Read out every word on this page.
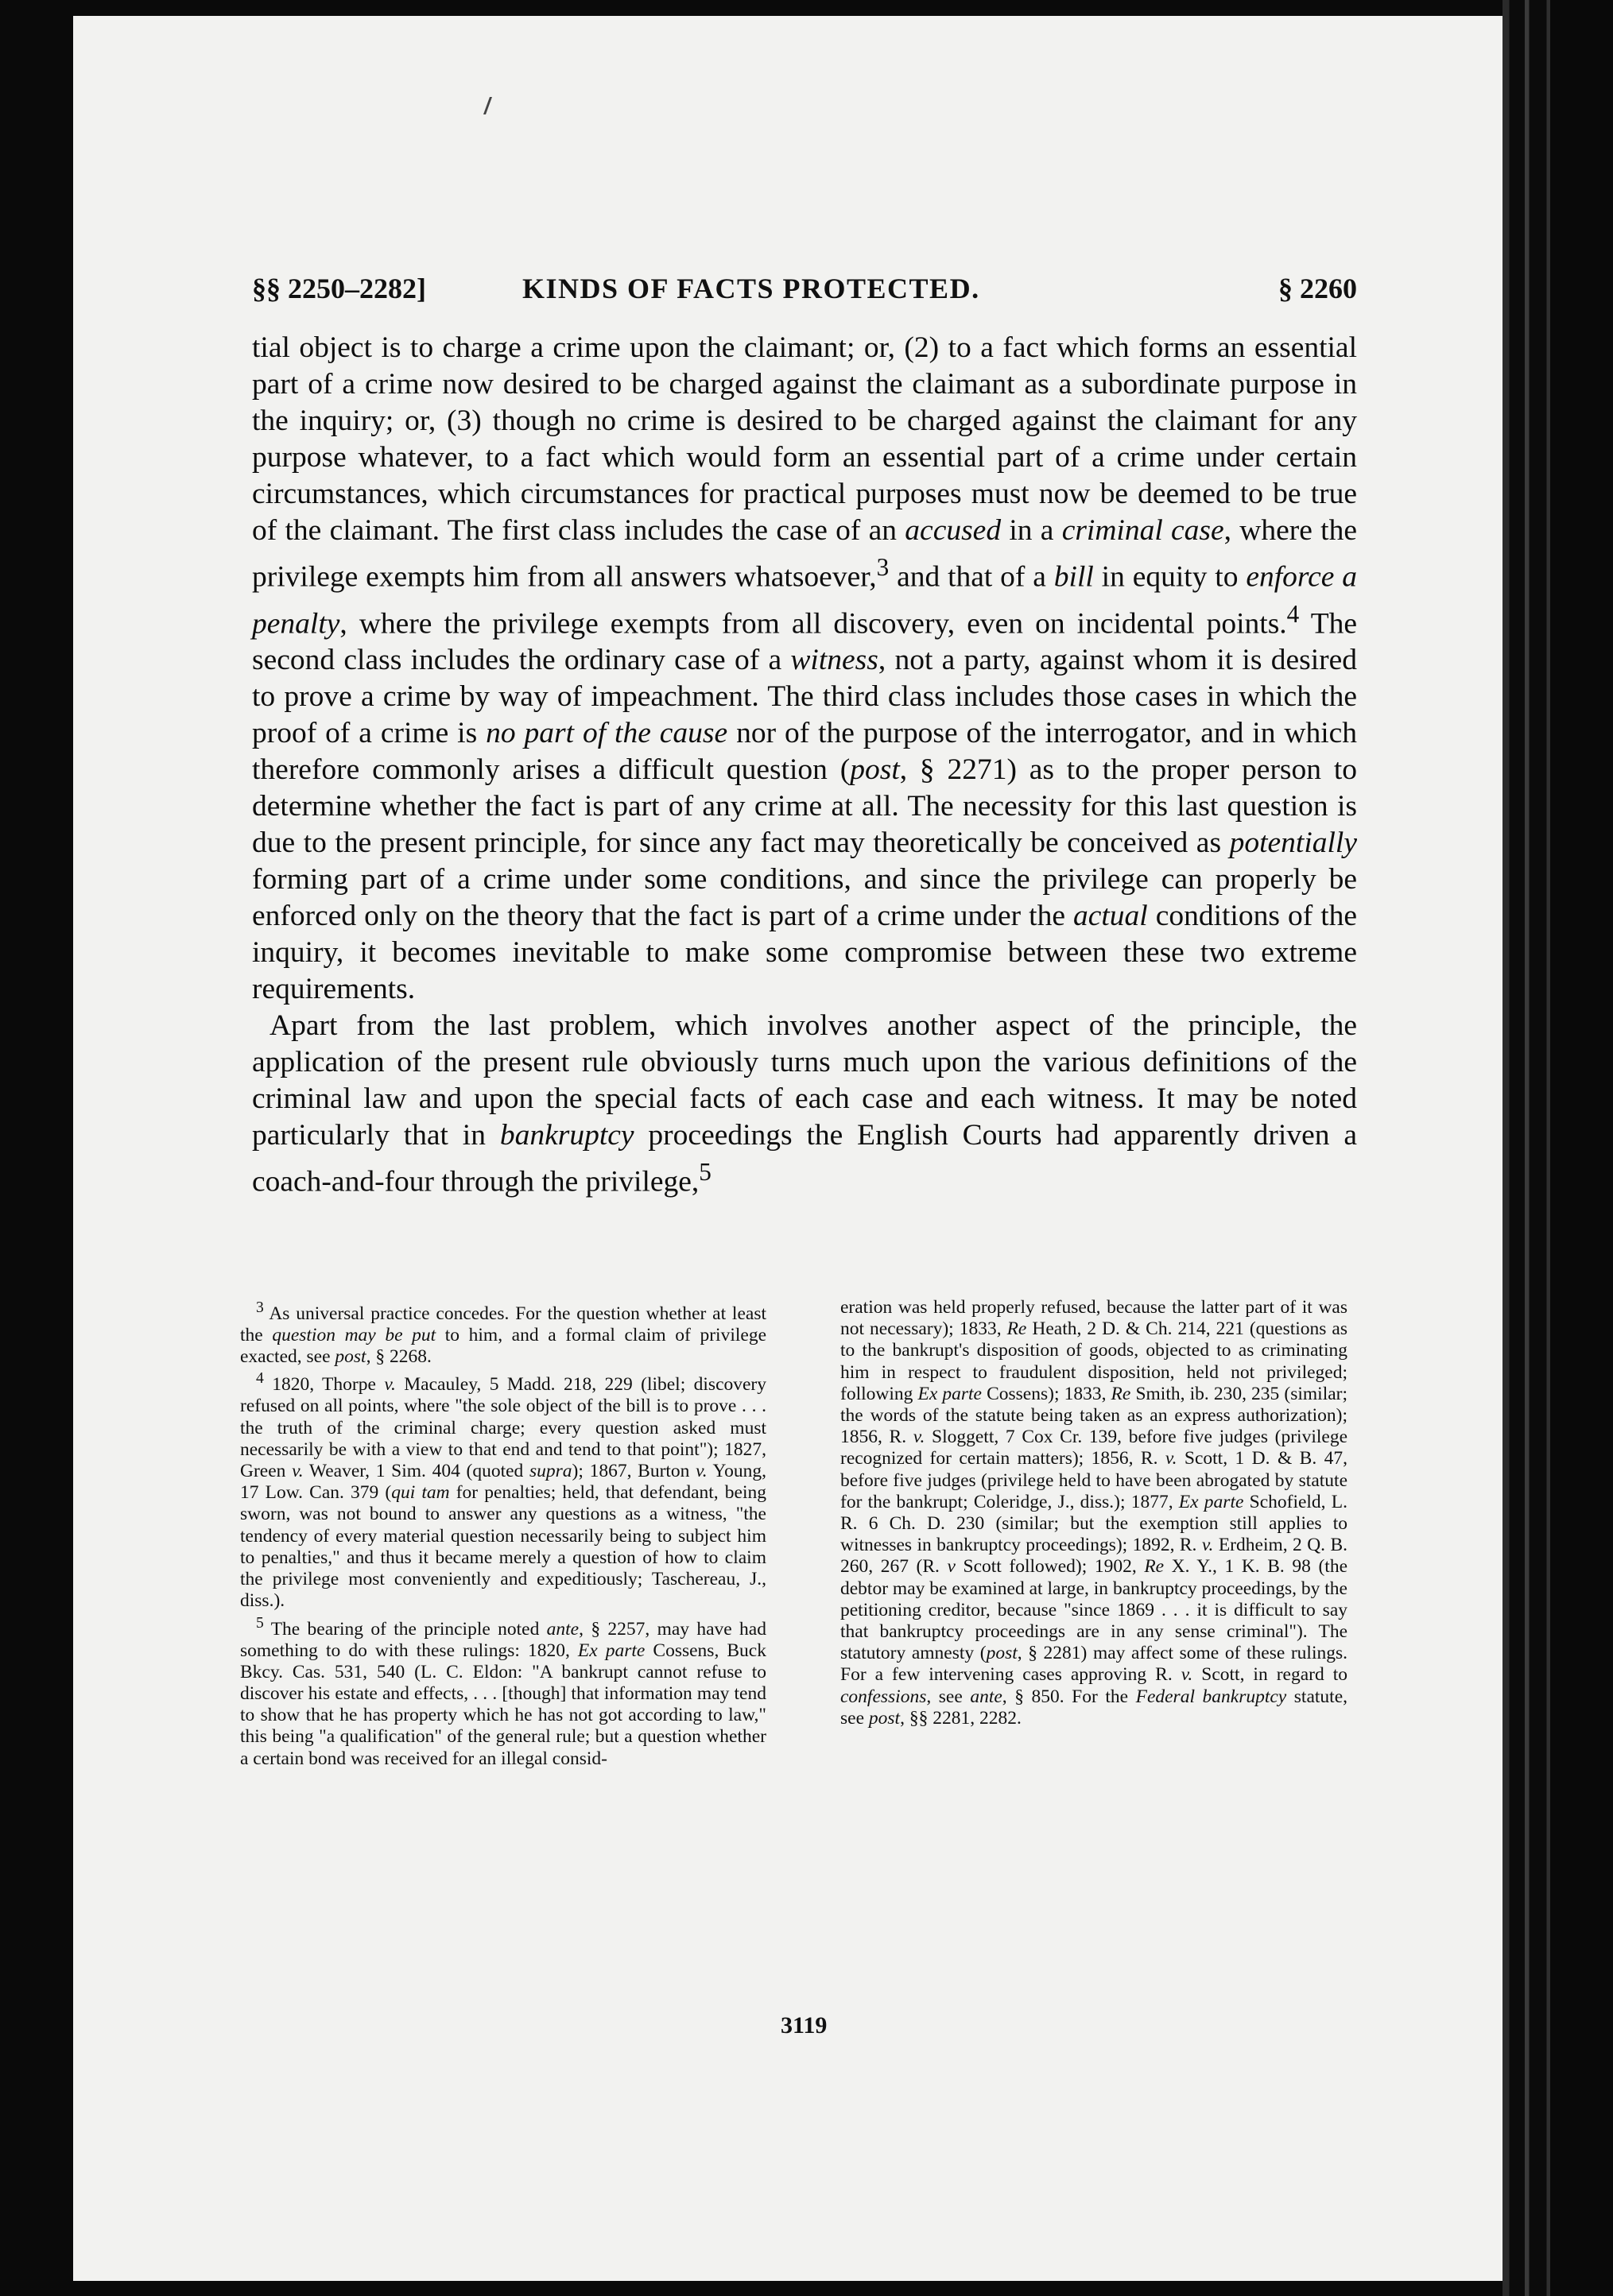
§§ 2250–2282]	KINDS OF FACTS PROTECTED.	§ 2260

tial object is to charge a crime upon the claimant; or, (2) to a fact which forms an essential part of a crime now desired to be charged against the claimant as a subordinate purpose in the inquiry; or, (3) though no crime is desired to be charged against the claimant for any purpose whatever, to a fact which would form an essential part of a crime under certain circumstances, which circumstances for practical purposes must now be deemed to be true of the claimant. The first class includes the case of an accused in a criminal case, where the privilege exempts him from all answers whatsoever,$^3$ and that of a bill in equity to enforce a penalty, where the privilege exempts from all discovery, even on incidental points.$^4$ The second class includes the ordinary case of a witness, not a party, against whom it is desired to prove a crime by way of impeachment. The third class includes those cases in which the proof of a crime is no part of the cause nor of the purpose of the interrogator, and in which therefore commonly arises a difficult question (post, § 2271) as to the proper person to determine whether the fact is part of any crime at all. The necessity for this last question is due to the present principle, for since any fact may theoretically be conceived as potentially forming part of a crime under some conditions, and since the privilege can properly be enforced only on the theory that the fact is part of a crime under the actual conditions of the inquiry, it becomes inevitable to make some compromise between these two extreme requirements.

Apart from the last problem, which involves another aspect of the principle, the application of the present rule obviously turns much upon the various definitions of the criminal law and upon the special facts of each case and each witness. It may be noted particularly that in bankruptcy proceedings the English Courts had apparently driven a coach-and-four through the privilege,$^5$

$^3$ As universal practice concedes. For the question whether at least the question may be put to him, and a formal claim of privilege exacted, see post, § 2268.

$^4$ 1820, Thorpe v. Macauley, 5 Madd. 218, 229 (libel; discovery refused on all points, where "the sole object of the bill is to prove . . . the truth of the criminal charge; every question asked must necessarily be with a view to that end and tend to that point"); 1827, Green v. Weaver, 1 Sim. 404 (quoted supra); 1867, Burton v. Young, 17 Low. Can. 379 (qui tam for penalties; held, that defendant, being sworn, was not bound to answer any questions as a witness, "the tendency of every material question necessarily being to subject him to penalties," and thus it became merely a question of how to claim the privilege most conveniently and expeditiously; Taschereau, J., diss.).

$^5$ The bearing of the principle noted ante, § 2257, may have had something to do with these rulings: 1820, Ex parte Cossens, Buck Bkcy. Cas. 531, 540 (L. C. Eldon: "A bankrupt cannot refuse to discover his estate and effects, . . . [though] that information may tend to show that he has property which he has not got according to law," this being "a qualification" of the general rule; but a question whether a certain bond was received for an illegal consid-

eration was held properly refused, because the latter part of it was not necessary); 1833, Re Heath, 2 D. & Ch. 214, 221 (questions as to the bankrupt's disposition of goods, objected to as criminating him in respect to fraudulent disposition, held not privileged; following Ex parte Cossens); 1833, Re Smith, ib. 230, 235 (similar; the words of the statute being taken as an express authorization); 1856, R. v. Sloggett, 7 Cox Cr. 139, before five judges (privilege recognized for certain matters); 1856, R. v. Scott, 1 D. & B. 47, before five judges (privilege held to have been abrogated by statute for the bankrupt; Coleridge, J., diss.); 1877, Ex parte Schofield, L. R. 6 Ch. D. 230 (similar; but the exemption still applies to witnesses in bankruptcy proceedings); 1892, R. v. Erdheim, 2 Q. B. 260, 267 (R. v Scott followed); 1902, Re X. Y., 1 K. B. 98 (the debtor may be examined at large, in bankruptcy proceedings, by the petitioning creditor, because "since 1869 . . . it is difficult to say that bankruptcy proceedings are in any sense criminal"). The statutory amnesty (post, § 2281) may affect some of these rulings. For a few intervening cases approving R. v. Scott, in regard to confessions, see ante, § 850. For the Federal bankruptcy statute, see post, §§ 2281, 2282.

3119
